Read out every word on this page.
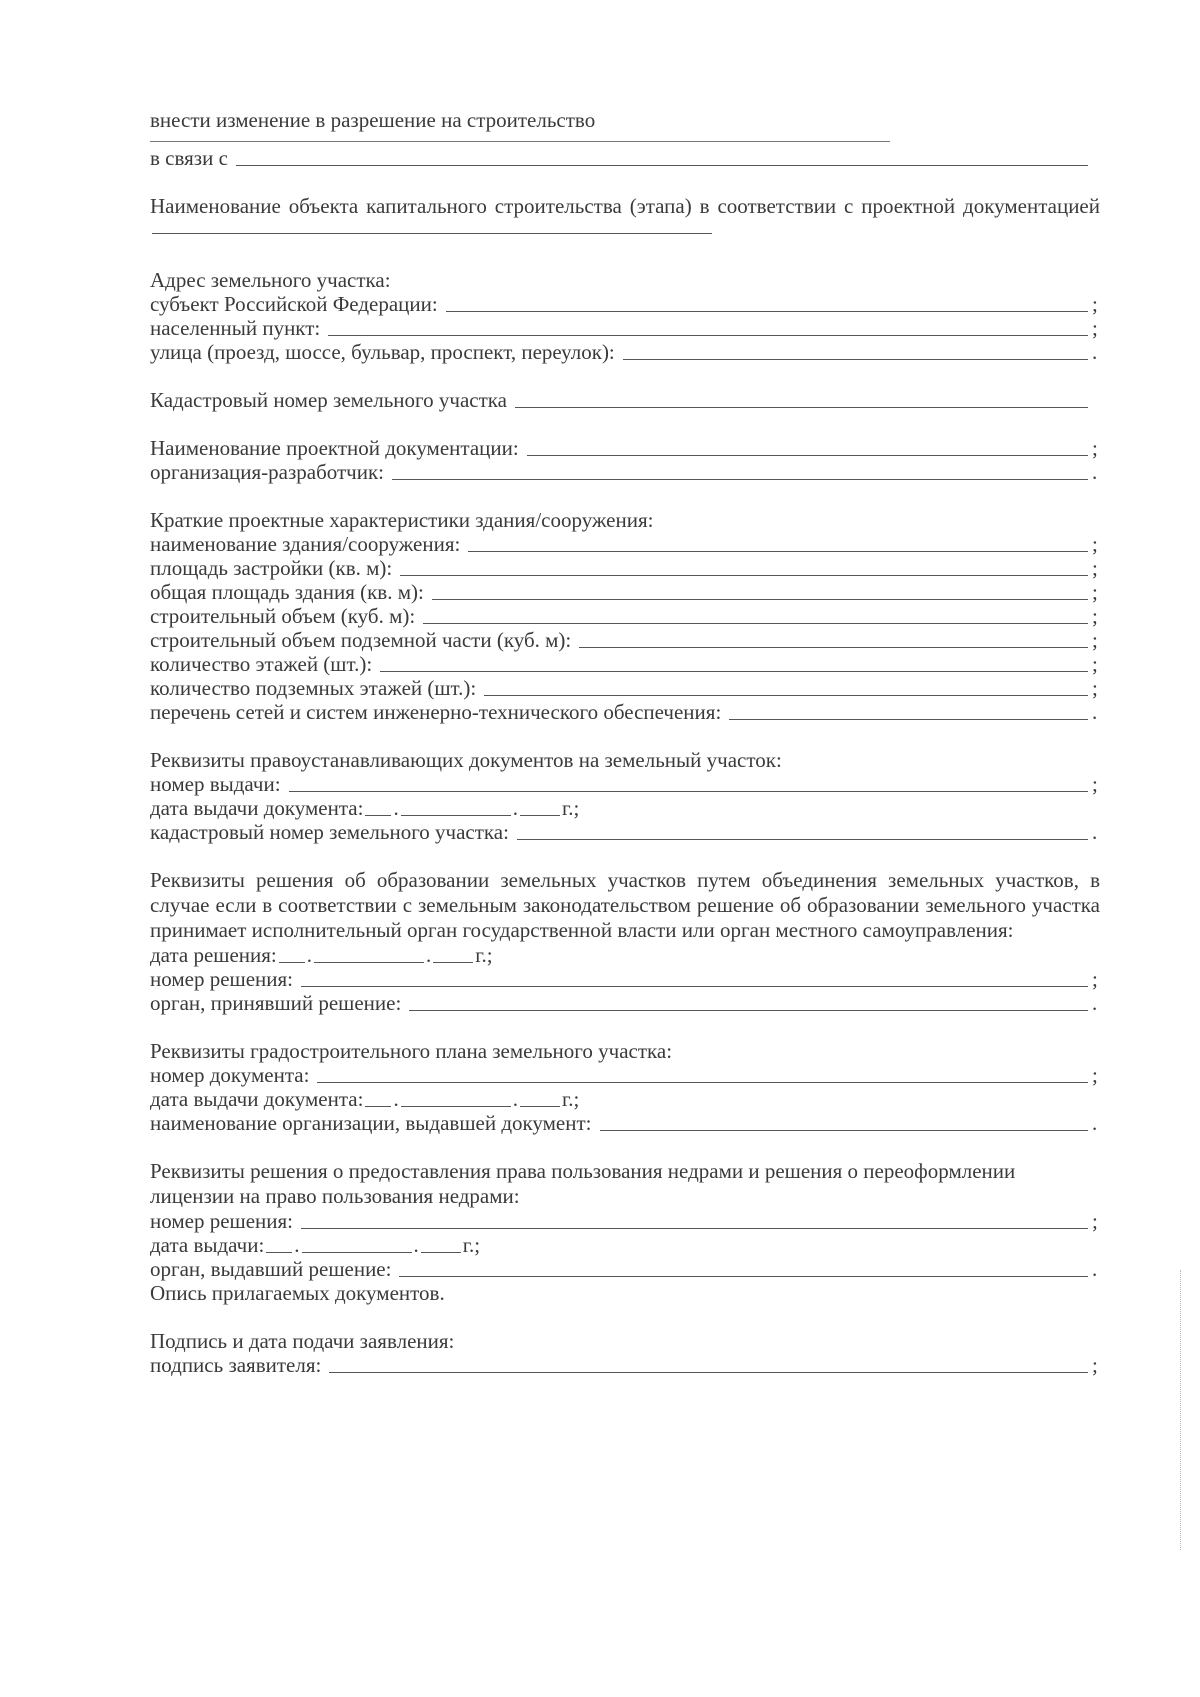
внести изменение в разрешение на строительство
в связи с
Наименование объекта капитального строительства (этапа) в соответствии с проектной документацией
Адрес земельного участка:
субъект Российской Федерации:	;
населенный пункт:	;
улица (проезд, шоссе, бульвар, проспект, переулок):	.
Кадастровый номер земельного участка
Наименование проектной документации:	;
организация-разработчик:	.
Краткие проектные характеристики здания/сооружения:
наименование здания/сооружения:	;
площадь застройки (кв. м):	;
общая площадь здания (кв. м):	;
строительный объем (куб. м):	;
строительный объем подземной части (куб. м):	;
количество этажей (шт.):	;
количество подземных этажей (шт.):	;
перечень сетей и систем инженерно-технического обеспечения:	.
Реквизиты правоустанавливающих документов на земельный участок:
номер выдачи:	;
дата выдачи документа: .	. г.;
кадастровый номер земельного участка:	.
Реквизиты решения об образовании земельных участков путем объединения земельных участков, в случае если в соответствии с земельным законодательством решение об образовании земельного участка принимает исполнительный орган государственной власти или орган местного самоуправления:
дата решения: .	. г.;
номер решения:	;
орган, принявший решение:	.
Реквизиты градостроительного плана земельного участка:
номер документа:	;
дата выдачи документа: .	. г.;
наименование организации, выдавшей документ:	.
Реквизиты решения о предоставления права пользования недрами и решения о переоформлении лицензии на право пользования недрами:
номер решения:	;
дата выдачи: .	. г.;
орган, выдавший решение:	.
Опись прилагаемых документов.
Подпись и дата подачи заявления:
подпись заявителя:	;
